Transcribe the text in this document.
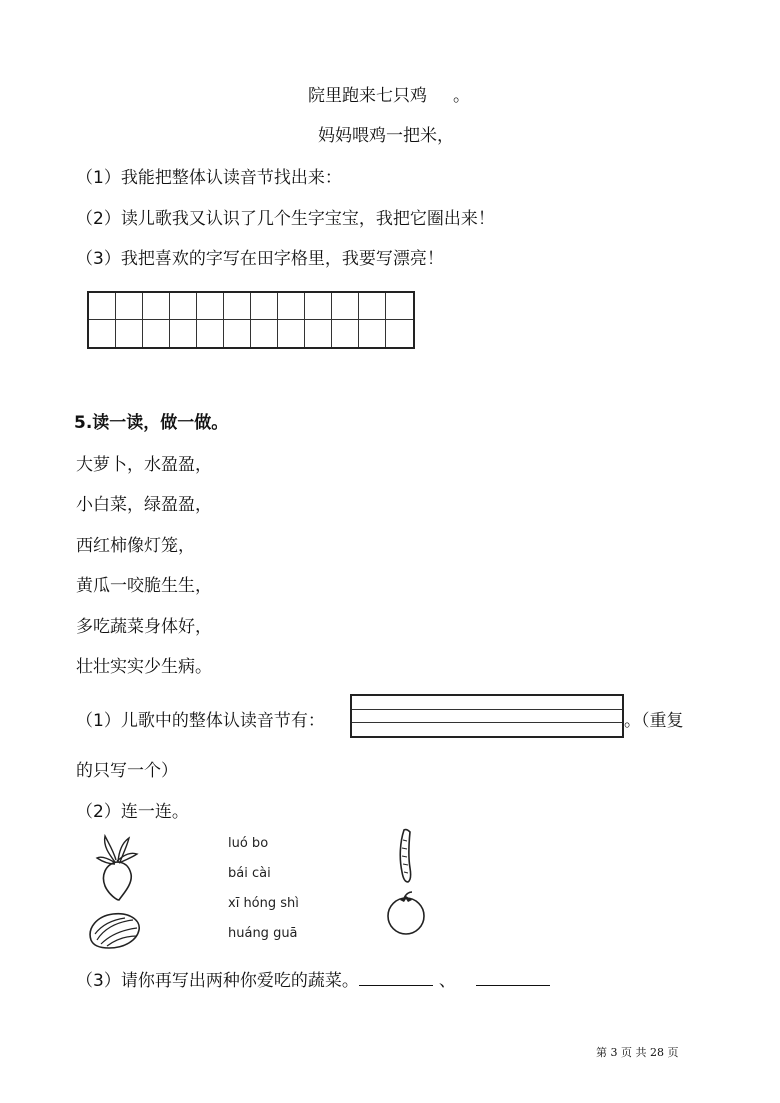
院里跑来七只鸡 。
妈妈喂鸡一把米，
（1）我能把整体认读音节找出来：
（2）读儿歌我又认识了几个生字宝宝，我把它圈出来！
（3）我把喜欢的字写在田字格里，我要写漂亮！
5.读一读，做一做。
大萝卜，水盈盈，
小白菜，绿盈盈，
西红柿像灯笼，
黄瓜一咬脆生生，
多吃蔬菜身体好，
壮壮实实少生病。
（1）儿歌中的整体认读音节有：	。（重复
的只写一个）
（2）连一连。
luó bo
bái cài
xī hóng shì
huáng guā
（3）请你再写出两种你爱吃的蔬菜。	、
第 3 页 共 28 页
